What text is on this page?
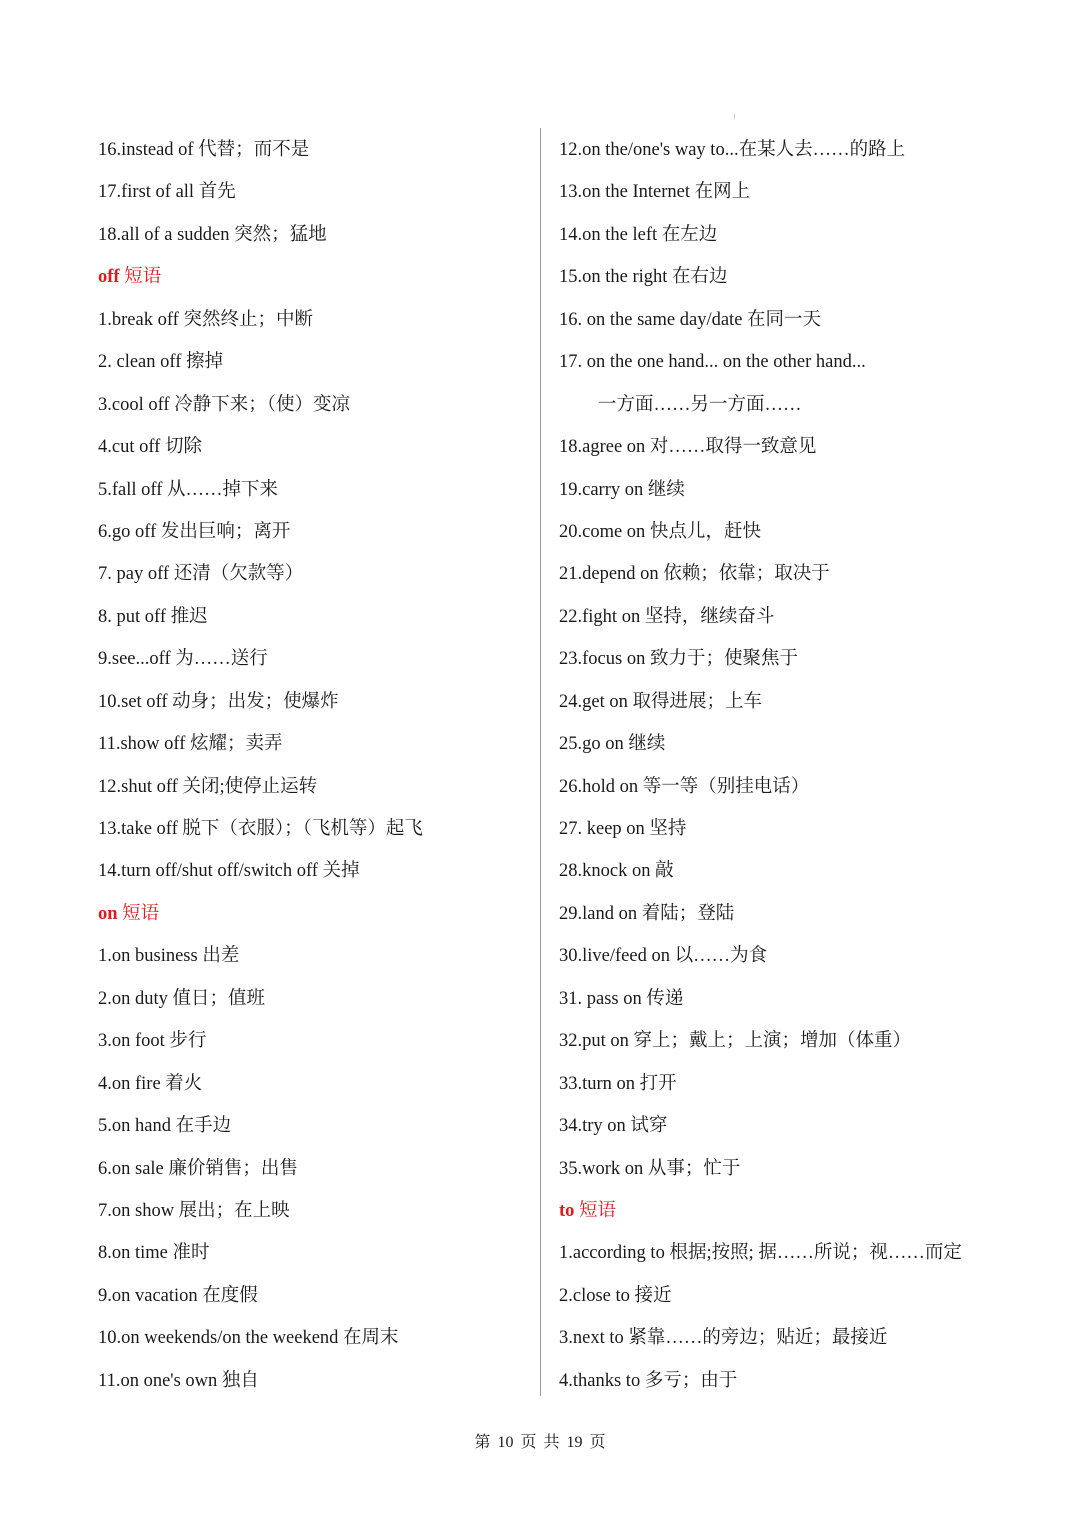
16.instead of 代替；而不是
17.first of all 首先
18.all of a sudden 突然；猛地
off 短语
1.break off 突然终止；中断
2. clean off 擦掉
3.cool off 冷静下来；（使）变凉
4.cut off 切除
5.fall off 从……掉下来
6.go off 发出巨响；离开
7. pay off 还清（欠款等）
8. put off 推迟
9.see...off 为……送行
10.set off 动身；出发；使爆炸
11.show off 炫耀；卖弄
12.shut off 关闭;使停止运转
13.take off 脱下（衣服）；（飞机等）起飞
14.turn off/shut off/switch off 关掉
on 短语
1.on business 出差
2.on duty 值日；值班
3.on foot 步行
4.on fire 着火
5.on hand 在手边
6.on sale 廉价销售；出售
7.on show 展出；在上映
8.on time 准时
9.on vacation 在度假
10.on weekends/on the weekend 在周末
11.on one's own 独自
12.on the/one's way to...在某人去……的路上
13.on the Internet 在网上
14.on the left 在左边
15.on the right 在右边
16. on the same day/date 在同一天
17. on the one hand... on the other hand...
一方面……另一方面……
18.agree on 对……取得一致意见
19.carry on 继续
20.come on 快点儿，赶快
21.depend on 依赖；依靠；取决于
22.fight on 坚持，继续奋斗
23.focus on 致力于；使聚焦于
24.get on 取得进展；上车
25.go on 继续
26.hold on 等一等（别挂电话）
27. keep on 坚持
28.knock on 敲
29.land on 着陆；登陆
30.live/feed on 以……为食
31. pass on 传递
32.put on 穿上；戴上；上演；增加（体重）
33.turn on 打开
34.try on 试穿
35.work on 从事；忙于
to 短语
1.according to 根据;按照; 据……所说；视……而定
2.close to 接近
3.next to 紧靠……的旁边；贴近；最接近
4.thanks to 多亏；由于
第 10 页 共 19 页
